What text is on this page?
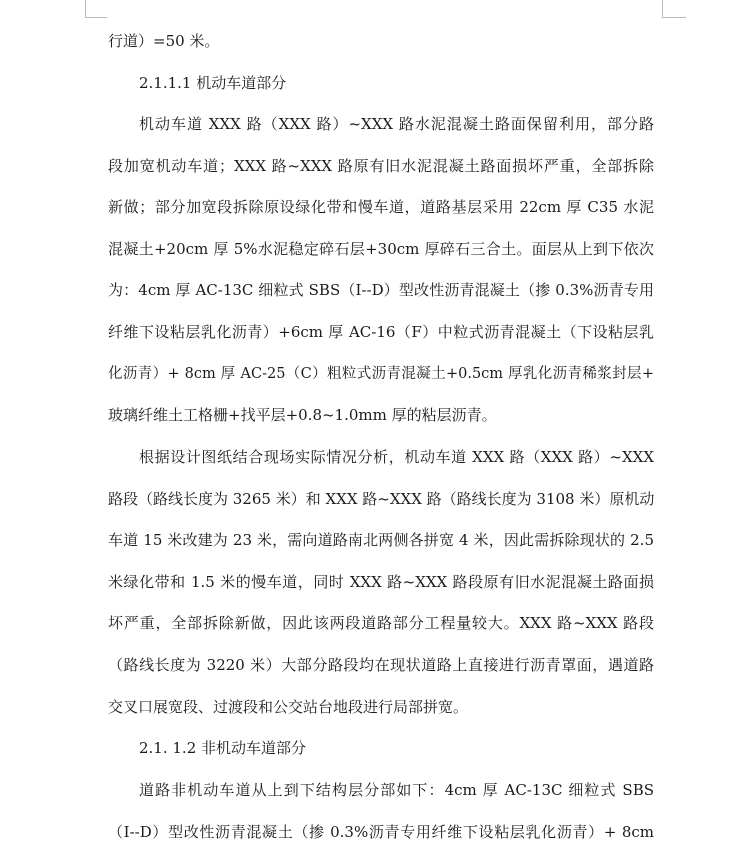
行道）=50 米。
2.1.1.1 机动车道部分
机动车道 XXX 路（XXX 路）~XXX 路水泥混凝土路面保留利用，部分路
段加宽机动车道；XXX 路~XXX 路原有旧水泥混凝土路面损坏严重，全部拆除
新做；部分加宽段拆除原设绿化带和慢车道，道路基层采用 22cm 厚 C35 水泥
混凝土+20cm 厚 5%水泥稳定碎石层+30cm 厚碎石三合土。面层从上到下依次
为：4cm 厚 AC-13C 细粒式 SBS（I--D）型改性沥青混凝土（掺 0.3%沥青专用
纤维下设粘层乳化沥青）+6cm 厚 AC-16（F）中粒式沥青混凝土（下设粘层乳
化沥青）+ 8cm 厚 AC-25（C）粗粒式沥青混凝土+0.5cm 厚乳化沥青稀浆封层+
玻璃纤维土工格栅+找平层+0.8~1.0mm 厚的粘层沥青。
根据设计图纸结合现场实际情况分析，机动车道 XXX 路（XXX 路）~XXX
路段（路线长度为 3265 米）和 XXX 路~XXX 路（路线长度为 3108 米）原机动
车道 15 米改建为 23 米，需向道路南北两侧各拼宽 4 米，因此需拆除现状的 2.5
米绿化带和 1.5 米的慢车道，同时 XXX 路~XXX 路段原有旧水泥混凝土路面损
坏严重，全部拆除新做，因此该两段道路部分工程量较大。XXX 路~XXX 路段
（路线长度为 3220 米）大部分路段均在现状道路上直接进行沥青罩面，遇道路
交叉口展宽段、过渡段和公交站台地段进行局部拼宽。
2.1. 1.2 非机动车道部分
道路非机动车道从上到下结构层分部如下：4cm 厚 AC-13C 细粒式 SBS
（I--D）型改性沥青混凝土（掺 0.3%沥青专用纤维下设粘层乳化沥青）+ 8cm
